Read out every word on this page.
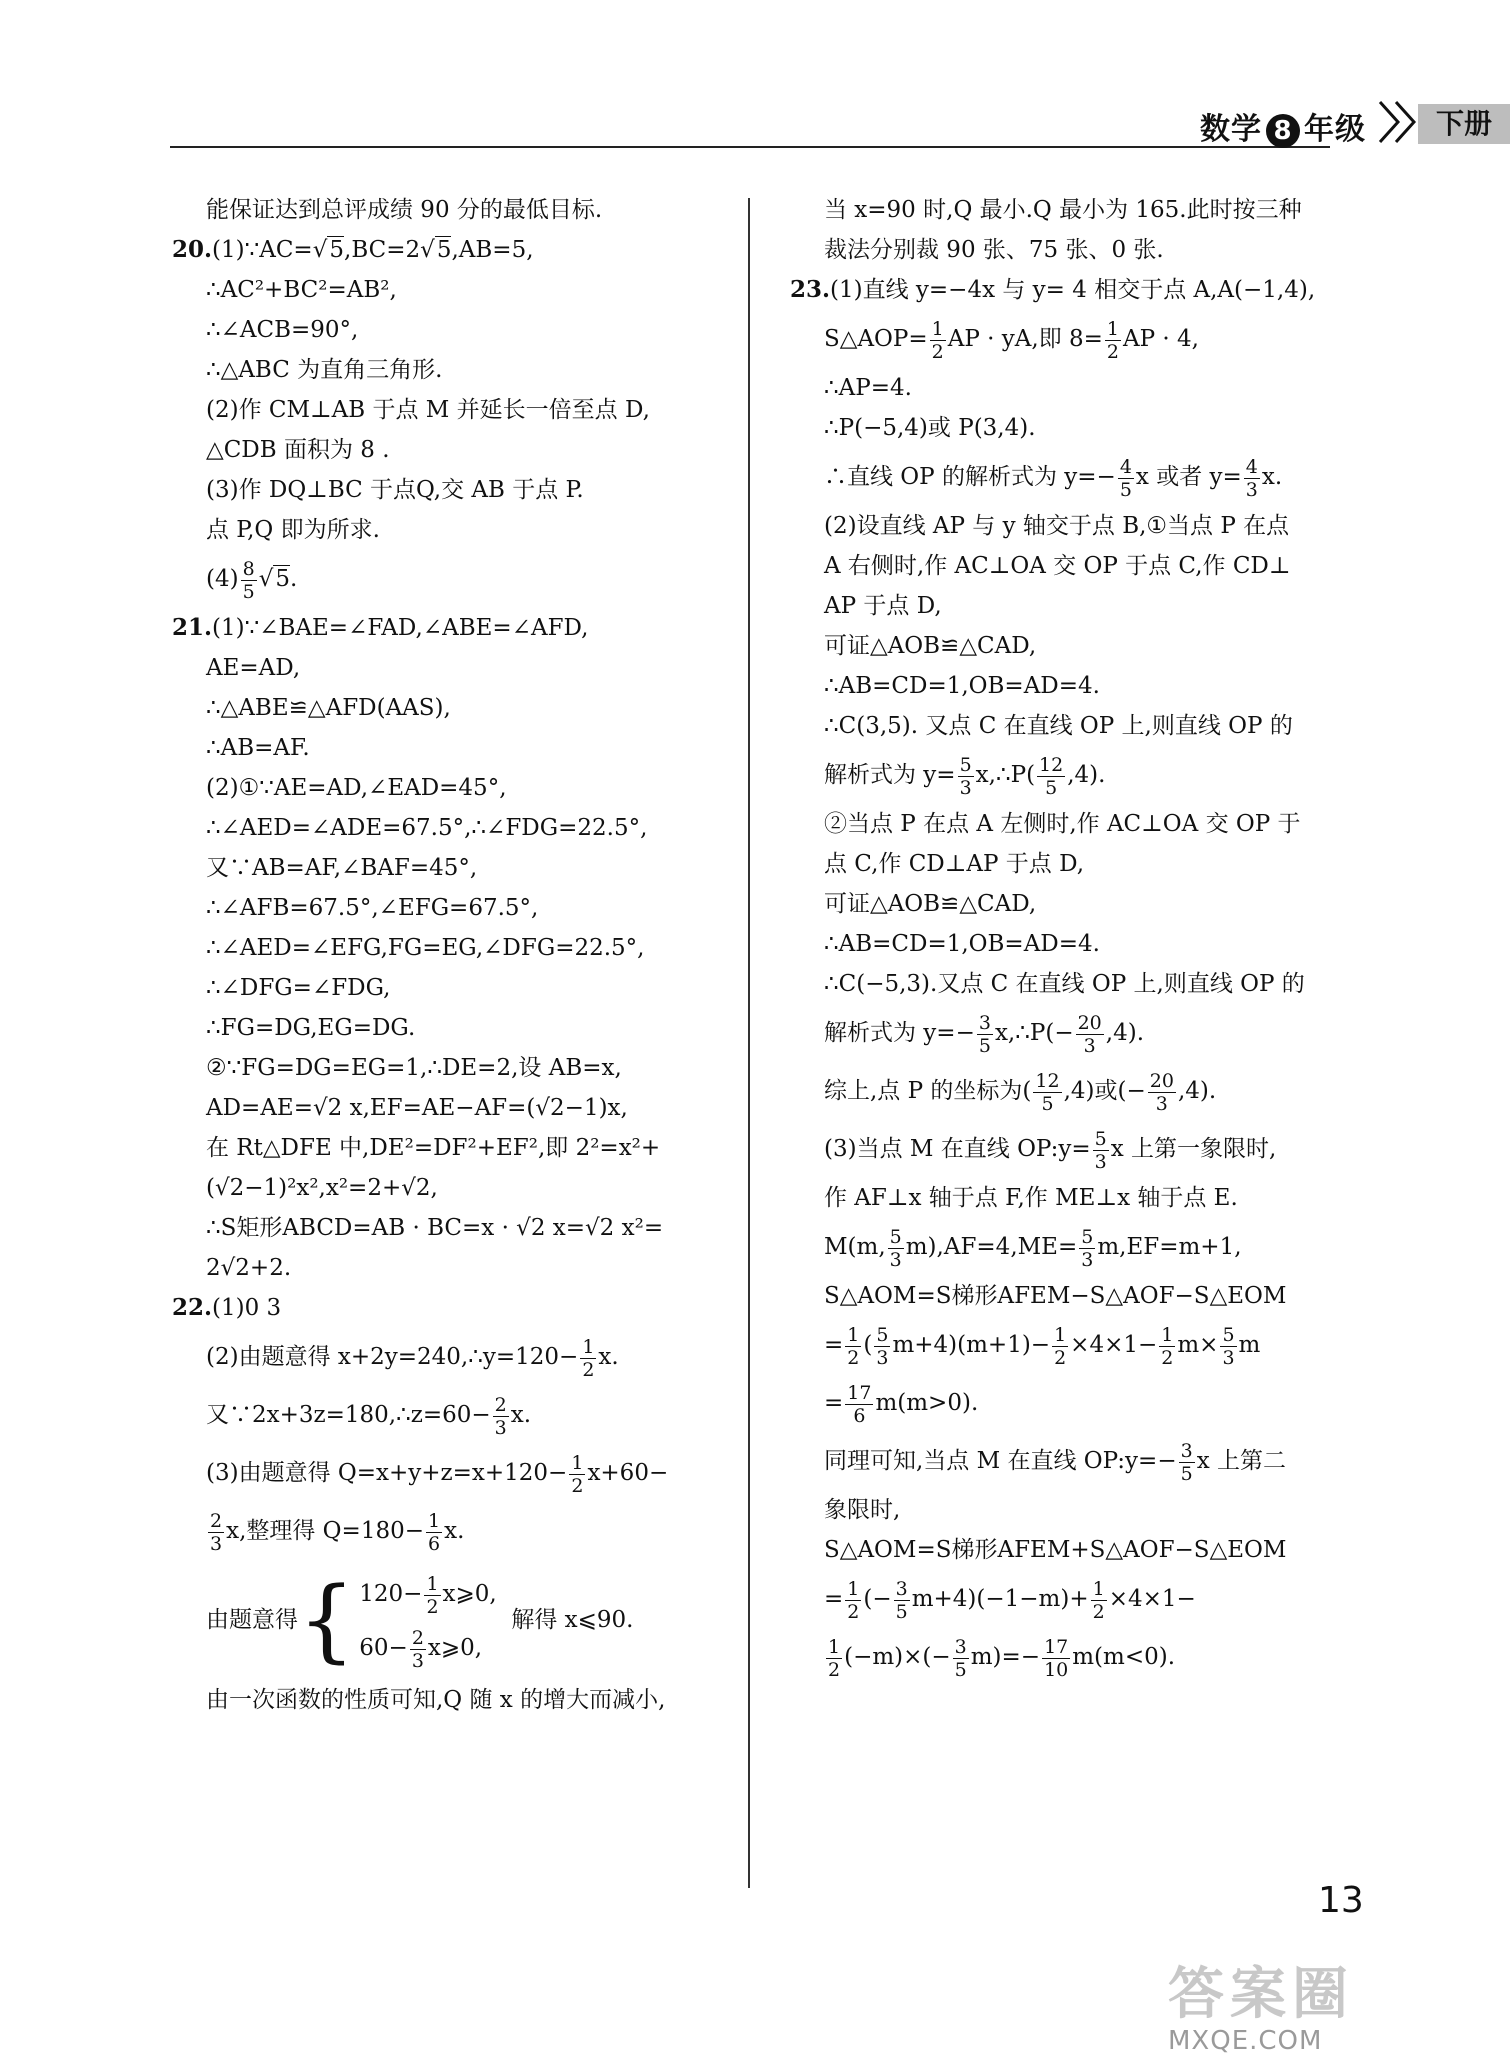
数学 8 年级	下册
能保证达到总评成绩 90 分的最低目标.
20.(1)∵AC=√5,BC=2√5,AB=5,
∴AC²+BC²=AB²,
∴∠ACB=90°,
∴△ABC 为直角三角形.
(2)作 CM⊥AB 于点 M 并延长一倍至点 D,
△CDB 面积为 8 .
(3)作 DQ⊥BC 于点Q,交 AB 于点 P.
点 P,Q 即为所求.
$(4) \frac{8}{5} √5$.
21.(1)∵∠BAE=∠FAD,∠ABE=∠AFD,
AE=AD,
∴△ABE≌△AFD(AAS),
∴AB=AF.
(2)①∵AE=AD,∠EAD=45°,
∴∠AED=∠ADE=67.5°,∴∠FDG=22.5°,
又∵AB=AF,∠BAF=45°,
∴∠AFB=67.5°,∠EFG=67.5°,
∴∠AED=∠EFG,FG=EG,∠DFG=22.5°,
∴∠DFG=∠FDG,
∴FG=DG,EG=DG.
②∵FG=DG=EG=1,∴DE=2,设 AB=x,
AD=AE=√2 x,EF=AE−AF=(√2−1)x,
在 Rt△DFE 中,DE²=DF²+EF²,即 2²=x²+
(√2−1)²x²,x²=2+√2,
∴S矩形ABCD=AB · BC=x · √2 x=√2 x²=
2√2+2.
22.(1)0 3
(2)由题意得 x+2y=240,∴y=120− $\frac{1}{2} x$.
又∵2x+3z=180,∴z=60− $\frac{2}{3} x$.
(3)由题意得 $Q=x+y+z=x+120- \frac{1}{2} x+60-$
$\frac{2}{3} x$,整理得 $Q=180- \frac{1}{6} x$.
由题意得{ $120- \frac{1}{2}$ x⩾0,
$60- \frac{2}{3}$ x⩾0,
解得 x⩽90.
由一次函数的性质可知,Q 随 x 的增大而减小,
当 x=90 时,Q 最小.Q 最小为 165.此时按三种
裁法分别裁 90 张、75 张、0 张.
23.(1)直线 y=−4x 与 y= 4 相交于点 A,A(−1,4),
S△AOP= $\frac{1}{2}$ AP · yA,即 $8= \frac{1}{2}$ AP · 4,
∴AP=4.
∴P(−5,4)或 P(3,4).
∴直线 OP 的解析式为 $y=- \frac{4}{5}$ x 或者 $y= \frac{4}{3} x$.
(2)设直线 AP 与 y 轴交于点 B,①当点 P 在点
A 右侧时,作 AC⊥OA 交 OP 于点 C,作 CD⊥
AP 于点 D,
可证△AOB≌△CAD,
∴AB=CD=1,OB=AD=4.
∴C(3,5). 又点 C 在直线 OP 上,则直线 OP 的
解析式为 $y= \frac{5}{3}$ x,∴P( $\frac{12}{5} ,4$).
②当点 P 在点 A 左侧时,作 AC⊥OA 交 OP 于
点 C,作 CD⊥AP 于点 D,
可证△AOB≌△CAD,
∴AB=CD=1,OB=AD=4.
∴C(−5,3).又点 C 在直线 OP 上,则直线 OP 的
解析式为 $y=- \frac{3}{5}$ x,∴P(− $\frac{20}{3} ,4$).
综上,点 P 的坐标为( $\frac{12}{5} ,4$)或(− $\frac{20}{3} ,4$).
(3)当点 M 在直线 OP:y= $\frac{5}{3}$ x 上第一象限时,
作 AF⊥x 轴于点 F,作 ME⊥x 轴于点 E.
M(m, $\frac{5}{3} m),AF=4,ME= \frac{5}{3} m,EF=m+1$,
S△AOM=S梯形AFEM−S△AOF−S△EOM
= $\frac{1}{2}$ ( $\frac{5}{3} m+4)(m+1)- \frac{1}{2} \times 4\times 1- \frac{1}{2} m\times \frac{5}{3}$ m
= $\frac{17}{6} m(m>0)$.
同理可知,当点 M 在直线 OP:y=− $\frac{3}{5}$ x 上第二
象限时,
S△AOM=S梯形AFEM+S△AOF−S△EOM
= $\frac{1}{2}$ (− $\frac{3}{5} m+4)(-1-m)+ \frac{1}{2} \times 4\times 1-$
$\frac{1}{2} (-m)\times(- \frac{3}{5} m)=- \frac{17}{10} m(m<0)$.
13
答案圈
MXQE.COM
